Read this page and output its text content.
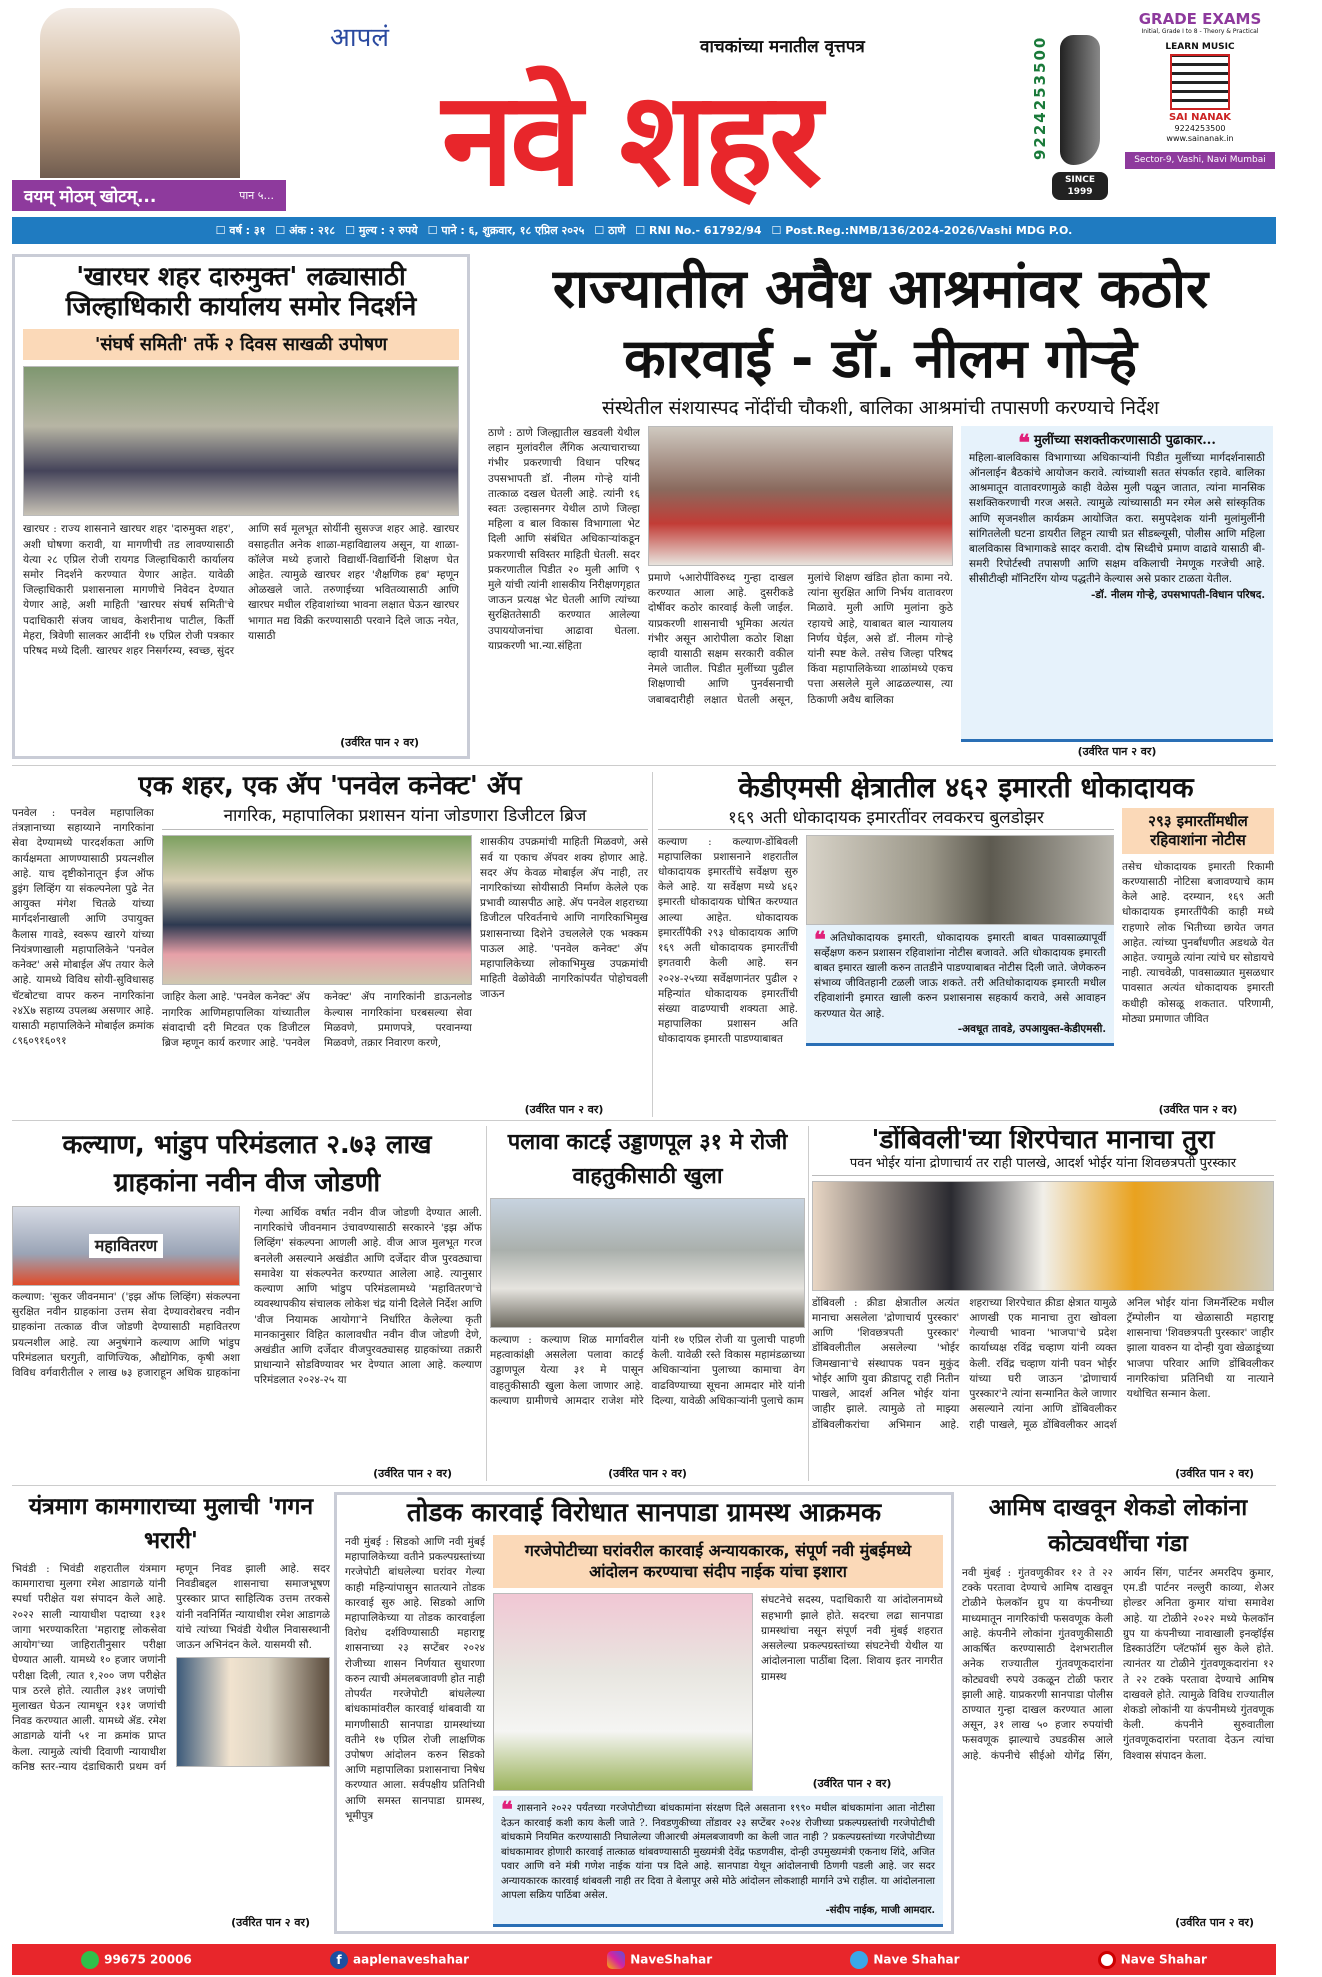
वयम् मोठम् खोटम्...	पान ५...
आपलं	वाचकांच्या मनातील वृत्तपत्र
नवे शहर	9224253500
SINCE 1999
GRADE EXAMS
Initial, Grade I to 8 - Theory & Practical
LEARN MUSIC
SAI NANAK
9224253500
www.sainanak.in
Sector-9, Vashi, Navi Mumbai
☐ वर्ष : ३१ ☐ अंक : २१८ ☐ मुल्य : २ रुपये ☐ पाने : ६, शुक्रवार, १८ एप्रिल २०२५ ☐ ठाणे ☐ RNI No.- 61792/94 ☐ Post.Reg.:NMB/136/2024-2026/Vashi MDG P.O.
'खारघर शहर दारुमुक्त' लढ्यासाठी जिल्हाधिकारी कार्यालय समोर निदर्शने
'संघर्ष समिती' तर्फे २ दिवस साखळी उपोषण
खारघर : राज्य शासनाने खारघर शहर 'दारुमुक्त शहर', अशी घोषणा करावी, या मागणीची तड लावण्यासाठी येत्या २८ एप्रिल रोजी रायगड जिल्हाधिकारी कार्यालय समोर निदर्शने करण्यात येणार आहेत. यावेळी जिल्हाधिकारी प्रशासनाला मागणीचे निवेदन देण्यात येणार आहे, अशी माहिती 'खारघर संघर्ष समिती'चे पदाधिकारी संजय जाधव, केशरीनाथ पाटील, किर्ती मेहरा, त्रिवेणी सालकर आदींनी १७ एप्रिल रोजी पत्रकार परिषद मध्ये दिली. खारघर शहर निसर्गरम्य, स्वच्छ, सुंदर आणि सर्व मूलभूत सोयींनी सुसज्ज शहर आहे. खारघर वसाहतीत अनेक शाळा-महाविद्यालय असून, या शाळा-कॉलेज मध्ये हजारो विद्यार्थी-विद्यार्थिनी शिक्षण घेत आहेत. त्यामुळे खारघर शहर 'शैक्षणिक हब' म्हणून ओळखले जाते. तरुणाईच्या भवितव्यासाठी आणि खारघर मधील रहिवाशांच्या भावना लक्षात घेऊन खारघर भागात मद्य विक्री करण्यासाठी परवाने दिले जाऊ नयेत, यासाठी
(उर्वरित पान २ वर)
राज्यातील अवैध आश्रमांवर कठोर कारवाई - डॉ. नीलम गोऱ्हे
संस्थेतील संशयास्पद नोंदींची चौकशी, बालिका आश्रमांची तपासणी करण्याचे निर्देश
ठाणे : ठाणे जिल्ह्यातील खडवली येथील लहान मुलांवरील लैंगिक अत्याचाराच्या गंभीर प्रकरणाची विधान परिषद उपसभापती डॉ. नीलम गोऱ्हे यांनी तात्काळ दखल घेतली आहे. त्यांनी १६ स्वतः उल्हासनगर येथील ठाणे जिल्हा महिला व बाल विकास विभागाला भेट दिली आणि संबंधित अधिकाऱ्यांकडून प्रकरणाची सविस्तर माहिती घेतली. सदर प्रकरणातील पिडीत २० मुली आणि ९ मुले यांची त्यांनी शासकीय निरीक्षणगृहात जाऊन प्रत्यक्ष भेट घेतली आणि त्यांच्या सुरक्षिततेसाठी करण्यात आलेल्या उपाययोजनांचा आढावा घेतला. याप्रकरणी भा.न्या.संहिता
प्रमाणे ५आरोपींविरुध्द गुन्हा दाखल करण्यात आला आहे. दुसरीकडे दोषींवर कठोर कारवाई केली जाईल. याप्रकरणी शासनाची भूमिका अत्यंत गंभीर असून आरोपीला कठोर शिक्षा व्हावी यासाठी सक्षम सरकारी वकील नेमले जातील. पिडीत मुलींच्या पुढील शिक्षणाची आणि पुनर्वसनाची जबाबदारीही लक्षात घेतली असून, मुलांचे शिक्षण खंडित होता कामा नये. त्यांना सुरक्षित आणि निर्भय वातावरण मिळावे. मुली आणि मुलांना कुठे रहायचे आहे, याबाबत बाल न्यायालय निर्णय घेईल, असे डॉ. नीलम गोऱ्हे यांनी स्पष्ट केले. तसेच जिल्हा परिषद किंवा महापालिकेच्या शाळांमध्ये एकच पत्ता असलेले मुले आढळल्यास, त्या ठिकाणी अवैध बालिका
❝ मुलींच्या सशक्तीकरणासाठी पुढाकार...
महिला-बालविकास विभागाच्या अधिकाऱ्यांनी पिडीत मुलींच्या मार्गदर्शनासाठी ऑनलाईन बैठकांचे आयोजन करावे. त्यांच्याशी सतत संपर्कात रहावे. बालिका आश्रमातून वातावरणामुळे काही वेळेस मुली पळून जातात, त्यांना मानसिक सशक्तिकरणाची गरज असते. त्यामुळे त्यांच्यासाठी मन रमेल असे सांस्कृतिक आणि सृजनशील कार्यक्रम आयोजित करा. समुपदेशक यांनी मुलांमुलींनी सांगितलेली घटना डायरीत लिहून त्याची प्रत सीडब्ल्यूसी, पोलीस आणि महिला बालविकास विभागाकडे सादर करावी. दोष सिध्दीचे प्रमाण वाढावे यासाठी बी-समरी रिपोर्टस्ची तपासणी आणि सक्षम वकिलाची नेमणूक गरजेची आहे. सीसीटीव्ही मॉनिटरिंग योग्य पद्धतीने केल्यास असे प्रकार टाळता येतील.
-डॉ. नीलम गोऱ्हे, उपसभापती-विधान परिषद.
(उर्वरित पान २ वर)
एक शहर, एक ॲप 'पनवेल कनेक्ट' ॲप
पनवेल : पनवेल महापालिका तंत्रज्ञानाच्या सहाय्याने नागरिकांना सेवा देण्यामध्ये पारदर्शकता आणि कार्यक्षमता आणण्यासाठी प्रयत्नशील आहे. याच दृष्टीकोनातून ईज ऑफ डुइंग लिव्हिंग या संकल्पनेला पुढे नेत आयुक्त मंगेश चितळे यांच्या मार्गदर्शनाखाली आणि उपायुक्त कैलास गावडे, स्वरूप खारगे यांच्या नियंत्रणाखाली महापालिकेने 'पनवेल कनेक्ट' असे मोबाईल ॲप तयार केले आहे. यामध्ये विविध सोयी-सुविधासह चॅटबोटचा वापर करुन नागरिकांना २४X७ सहाय्य उपलब्ध असणार आहे. यासाठी महापालिकेने मोबाईल क्रमांक ८९६०९१६०९१
नागरिक, महापालिका प्रशासन यांना जोडणारा डिजीटल ब्रिज
जाहिर केला आहे. 'पनवेल कनेक्ट' ॲप नागरिक आणिमहापालिका यांच्यातील संवादाची दरी मिटवत एक डिजीटल ब्रिज म्हणून कार्य करणार आहे. 'पनवेल कनेक्ट' ॲप नागरिकांनी डाऊनलोड केल्यास नागरिकांना घरबसल्या सेवा मिळवणे, प्रमाणपत्रे, परवानग्या मिळवणे, तक्रार निवारण करणे,
शासकीय उपक्रमांची माहिती मिळवणे, असे सर्व या एकाच ॲपवर शक्य होणार आहे. सदर ॲप केवळ मोबाईल ॲप नाही, तर नागरिकांच्या सोयीसाठी निर्माण केलेले एक प्रभावी व्यासपीठ आहे. ॲप पनवेल शहराच्या डिजीटल परिवर्तनाचे आणि नागरिकाभिमुख प्रशासनाच्या दिशेने उचललेले एक भक्कम पाऊल आहे. 'पनवेल कनेक्ट' ॲप महापालिकेच्या लोकाभिमुख उपक्रमांची माहिती वेळोवेळी नागरिकांपर्यंत पोहोचवली जाऊन
(उर्वरित पान २ वर)
केडीएमसी क्षेत्रातील ४६२ इमारती धोकादायक
१६९ अती धोकादायक इमारतींवर लवकरच बुलडोझर
कल्याण : कल्याण-डोंबिवली महापालिका प्रशासनाने शहरातील धोकादायक इमारतींचे सर्वेक्षण सुरु केले आहे. या सर्वेक्षण मध्ये ४६२ इमारती धोकादायक घोषित करण्यात आल्या आहेत. धोकादायक इमारतींपैकी २९३ धोकादायक आणि १६९ अती धोकादायक इमारतींची इगतवारी केली आहे. सन २०२४-२५च्या सर्वेक्षणानंतर पुढील २ महिन्यांत धोकादायक इमारतींची संख्या वाढण्याची शक्यता आहे. महापालिका प्रशासन अति धोकादायक इमारती पाडण्याबाबत
❝ अतिधोकादायक इमारती, धोकादायक इमारती बाबत पावसाळ्यापूर्वी सर्व्हेक्षण करुन प्रशासन रहिवाशांना नोटीस बजावते. अति धोकादायक इमारती बाबत इमारत खाली करुन तातडीने पाडण्याबाबत नोटीस दिली जाते. जेणेकरुन संभाव्य जीवितहानी टळली जाऊ शकते. तरी अतिधोकादायक इमारती मधील रहिवाशांनी इमारत खाली करुन प्रशासनास सहकार्य करावे, असे आवाहन करण्यात येत आहे.
-अवधूत तावडे, उपआयुक्त-केडीएमसी.
२९३ इमारतींमधील रहिवाशांना नोटीस
तसेच धोकादायक इमारती रिकामी करण्यासाठी नोटिसा बजावण्याचे काम केले आहे. दरम्यान, १६९ अती धोकादायक इमारतींपैकी काही मध्ये राहणारे लोक भितीच्या छायेत जगत आहेत. त्यांच्या पुनर्बांधणीत अडथळे येत आहेत. ज्यामुळे त्यांना त्यांचे घर सोडायचे नाही. त्याचवेळी, पावसाळ्यात मुसळधार पावसात अत्यंत धोकादायक इमारती कधीही कोसळू शकतात. परिणामी, मोठ्या प्रमाणात जीवित
(उर्वरित पान २ वर)
कल्याण, भांडुप परिमंडलात २.७३ लाख ग्राहकांना नवीन वीज जोडणी
महावितरण
कल्याण: 'सुकर जीवनमान' ('इझ ऑफ लिव्हिंग) संकल्पना सुरक्षित नवीन ग्राहकांना उत्तम सेवा देण्यावरोबरच नवीन ग्राहकांना तत्काळ वीज जोडणी देण्यासाठी महावितरण प्रयत्नशील आहे. त्या अनुषंगाने कल्याण आणि भांडुप परिमंडलात घरगुती, वाणिज्यिक, औद्योगिक, कृषी अशा विविध वर्गवारीतील २ लाख ७३ हजाराहून अधिक ग्राहकांना गेल्या आर्थिक वर्षात नवीन वीज जोडणी देण्यात आली. नागरिकांचे जीवनमान उंचावण्यासाठी सरकारने 'इझ ऑफ लिव्हिंग' संकल्पना आणली आहे. वीज आज मुलभूत गरज बनलेली असल्याने अखंडीत आणि दर्जेदार वीज पुरवठ्याचा समावेश या संकल्पनेत करण्यात आलेला आहे. त्यानुसार कल्याण आणि भांडुप परिमंडलामध्ये 'महावितरण'चे व्यवस्थापकीय संचालक लोकेश चंद्र यांनी दिलेले निर्देश आणि 'वीज नियामक आयोगा'ने निर्धारित केलेल्या कृती मानकानुसार विहित कालावधीत नवीन वीज जोडणी देणे, अखंडीत आणि दर्जेदार वीजपुरवठ्यासह ग्राहकांच्या तक्रारी प्राधान्याने सोडविण्यावर भर देण्यात आला आहे. कल्याण परिमंडलात २०२४-२५ या
(उर्वरित पान २ वर)
पलावा काटई उड्डाणपूल ३१ मे रोजी वाहतुकीसाठी खुला
कल्याण : कल्याण शिळ मार्गावरील महत्वाकांक्षी असलेला पलावा काटई उड्डाणपूल येत्या ३१ मे पासून वाहतुकीसाठी खुला केला जाणार आहे. कल्याण ग्रामीणचे आमदार राजेश मोरे यांनी १७ एप्रिल रोजी या पुलाची पाहणी केली. यावेळी रस्ते विकास महामंडळाच्या अधिकाऱ्यांना पुलाच्या कामाचा वेग वाढविण्याच्या सूचना आमदार मोरे यांनी दिल्या, यावेळी अधिकाऱ्यांनी पुलाचे काम
(उर्वरित पान २ वर)
'डोंबिवली'च्या शिरपेचात मानाचा तुरा
पवन भोईर यांना द्रोणाचार्य तर राही पालखे, आदर्श भोईर यांना शिवछत्रपती पुरस्कार
डोंबिवली : क्रीडा क्षेत्रातील अत्यंत मानाचा असलेला 'द्रोणाचार्य पुरस्कार' आणि 'शिवछत्रपती पुरस्कार' डोंबिवलीतील असलेल्या 'भोईर जिमखाना'चे संस्थापक पवन मुकुंद भोईर आणि युवा क्रीडापटू राही नितीन पाखले, आदर्श अनिल भोईर यांना जाहीर झाले. त्यामुळे तो माझ्या डोंबिवलीकरांचा अभिमान आहे. शहराच्या शिरपेचात क्रीडा क्षेत्रात यामुळे आणखी एक मानाचा तुरा खोवला गेल्याची भावना 'भाजपा'चे प्रदेश कार्याध्यक्ष रविंद्र चव्हाण यांनी व्यक्त केली. रविंद्र चव्हाण यांनी पवन भोईर यांच्या घरी जाऊन 'द्रोणाचार्य पुरस्कार'ने त्यांना सन्मानित केले जाणार असल्याने त्यांना आणि डोंबिवलीकर राही पाखले, मूळ डोंबिवलीकर आदर्श अनिल भोईर यांना जिमनॅस्टिक मधील ट्रॅम्पोलीन या खेळासाठी महाराष्ट्र शासनाचा 'शिवछत्रपती पुरस्कार' जाहीर झाला यावरुन या दोन्ही युवा खेळाडूंच्या भाजपा परिवार आणि डोंबिवलीकर नागरिकांचा प्रतिनिधी या नात्याने यथोचित सन्मान केला.
(उर्वरित पान २ वर)
यंत्रमाग कामगाराच्या मुलाची 'गगन भरारी'
भिवंडी : भिवंडी शहरातील यंत्रमाग कामगाराचा मुलगा रमेश आडागळे यांनी स्पर्धा परीक्षेत यश संपादन केले आहे. २०२२ साली न्यायाधीश पदाच्या १३१ जागा भरण्याकरिता 'महाराष्ट्र लोकसेवा आयोग'च्या जाहिरातीनुसार परीक्षा घेण्यात आली. यामध्ये १० हजार जणांनी परीक्षा दिली, त्यात १,२०० जण परीक्षेत पात्र ठरले होते. त्यातील ३४१ जणांची मुलाखत घेऊन त्यामधून १३१ जणांची निवड करण्यात आली. यामध्ये ॲड. रमेश आडागळे यांनी ५१ ना क्रमांक प्राप्त केला. त्यामुळे त्यांची दिवाणी न्यायाधीश कनिष्ठ स्तर-न्याय दंडाधिकारी प्रथम वर्ग म्हणून निवड झाली आहे. सदर निवडीबद्दल शासनाचा समाजभूषण पुरस्कार प्राप्त साहित्यिक उत्तम तरकसे यांनी नवनिर्मित न्यायाधीश रमेश आडागळे यांचे त्यांच्या भिवंडी येथील निवासस्थानी जाऊन अभिनंदन केले. यासमयी सौ.
(उर्वरित पान २ वर)
तोडक कारवाई विरोधात सानपाडा ग्रामस्थ आक्रमक
नवी मुंबई : सिडको आणि नवी मुंबई महापालिकेच्या वतीने प्रकल्पग्रस्तांच्या गरजेपोटी बांधलेल्या घरांवर गेल्या काही महिन्यांपासुन सातत्याने तोडक कारवाई सुरु आहे. सिडको आणि महापालिकेच्या या तोडक कारवाईला विरोध दर्शविण्यासाठी महाराष्ट्र शासनाच्या २३ सप्टेंबर २०२४ रोजीच्या शासन निर्णयात सुधारणा करुन त्याची अंमलबजावणी होत नाही तोपर्यंत गरजेपोटी बांधलेल्या बांधकामांवरील कारवाई थांबवावी या मागणीसाठी सानपाडा ग्रामस्थांच्या वतीने १७ एप्रिल रोजी लाक्षणिक उपोषण आंदोलन करुन सिडको आणि महापालिका प्रशासनाचा निषेध करण्यात आला. सर्वपक्षीय प्रतिनिधी आणि समस्त सानपाडा ग्रामस्थ, भूमीपुत्र
गरजेपोटीच्या घरांवरील कारवाई अन्यायकारक, संपूर्ण नवी मुंबईमध्ये आंदोलन करण्याचा संदीप नाईक यांचा इशारा
संघटनेचे सदस्य, पदाधिकारी या आंदोलनामध्ये सहभागी झाले होते. सदरचा लढा सानपाडा ग्रामस्थांचा नसून संपूर्ण नवी मुंबई शहरात असलेल्या प्रकल्पग्रस्तांच्या संघटनेची येथील या आंदोलनाला पाठींबा दिला. शिवाय इतर नागरीत ग्रामस्थ
(उर्वरित पान २ वर)
❝ शासनाने २०२२ पर्यंतच्या गरजेपोटीच्या बांधकामांना संरक्षण दिले असताना १९९० मधील बांधकामांना आता नोटीसा देऊन कारवाई कशी काय केली जाते ?. निवडणुकीच्या तोंडावर २३ सप्टेंबर २०२४ रोजीच्या प्रकल्पग्रस्तांची गरजेपोटीची बांधकामे नियमित करण्यासाठी निघालेल्या जीआरची अंमलबजावणी का केली जात नाही ? प्रकल्पग्रस्तांच्या गरजेपोटीच्या बांधकामावर होणारी कारवाई तात्काळ थांबवण्यासाठी मुख्यमंत्री देवेंद्र फडणवीस, दोन्ही उपमुख्यमंत्री एकनाथ शिंदे, अजित पवार आणि वने मंत्री गणेश नाईक यांना पत्र दिले आहे. सानपाडा येथून आंदोलनाची ठिणगी पडली आहे. जर सदर अन्यायकारक कारवाई थांबवली नाही तर दिवा ते बेलापूर असे मोठे आंदोलन लोकशाही मार्गाने उभे राहील. या आंदोलनाला आपला सक्रिय पाठिंबा असेल.
-संदीप नाईक, माजी आमदार.
आमिष दाखवून शेकडो लोकांना कोट्यवधींचा गंडा
नवी मुंबई : गुंतवणुकीवर १२ ते २२ टक्के परतावा देण्याचे आमिष दाखवून टोळीने फेलकॉन ग्रुप या कंपनीच्या माध्यमातून नागरिकांची फसवणूक केली आहे. कंपनीने लोकांना गुंतवणुकीसाठी आकर्षित करण्यासाठी देशभरातील अनेक राज्यातील गुंतवणूकदारांना कोट्यवधी रुपये उकळून टोळी फरार झाली आहे. याप्रकरणी सानपाडा पोलीस ठाण्यात गुन्हा दाखल करण्यात आला असून, ३१ लाख ५० हजार रुपयांची फसवणूक झाल्याचे उघडकीस आले आहे. कंपनीचे सीईओ योगेंद्र सिंग, आर्यन सिंग, पार्टनर अमरदिप कुमार, एम.डी पार्टनर नल्लुरी काव्या, शेअर होल्डर अनिता कुमार यांचा समावेश आहे. या टोळीने २०२२ मध्ये फेलकॉन ग्रुप या कंपनीच्या नावाखाली इनव्हॉईस डिस्काउंटिंग प्लॅटफॉर्म सुरु केले होते. त्यानंतर या टोळीने गुंतवणूकदारांना १२ ते २२ टक्के परतावा देण्याचे आमिष दाखवले होते. त्यामुळे विविध राज्यातील शेकडो लोकांनी या कंपनीमध्ये गुंतवणूक केली. कंपनीने सुरुवातीला गुंतवणूकदारांना परतावा देऊन त्यांचा विश्वास संपादन केला.
(उर्वरित पान २ वर)
99675 20006	f aaplenaveshahar	NaveShahar	Nave Shahar	Nave Shahar
